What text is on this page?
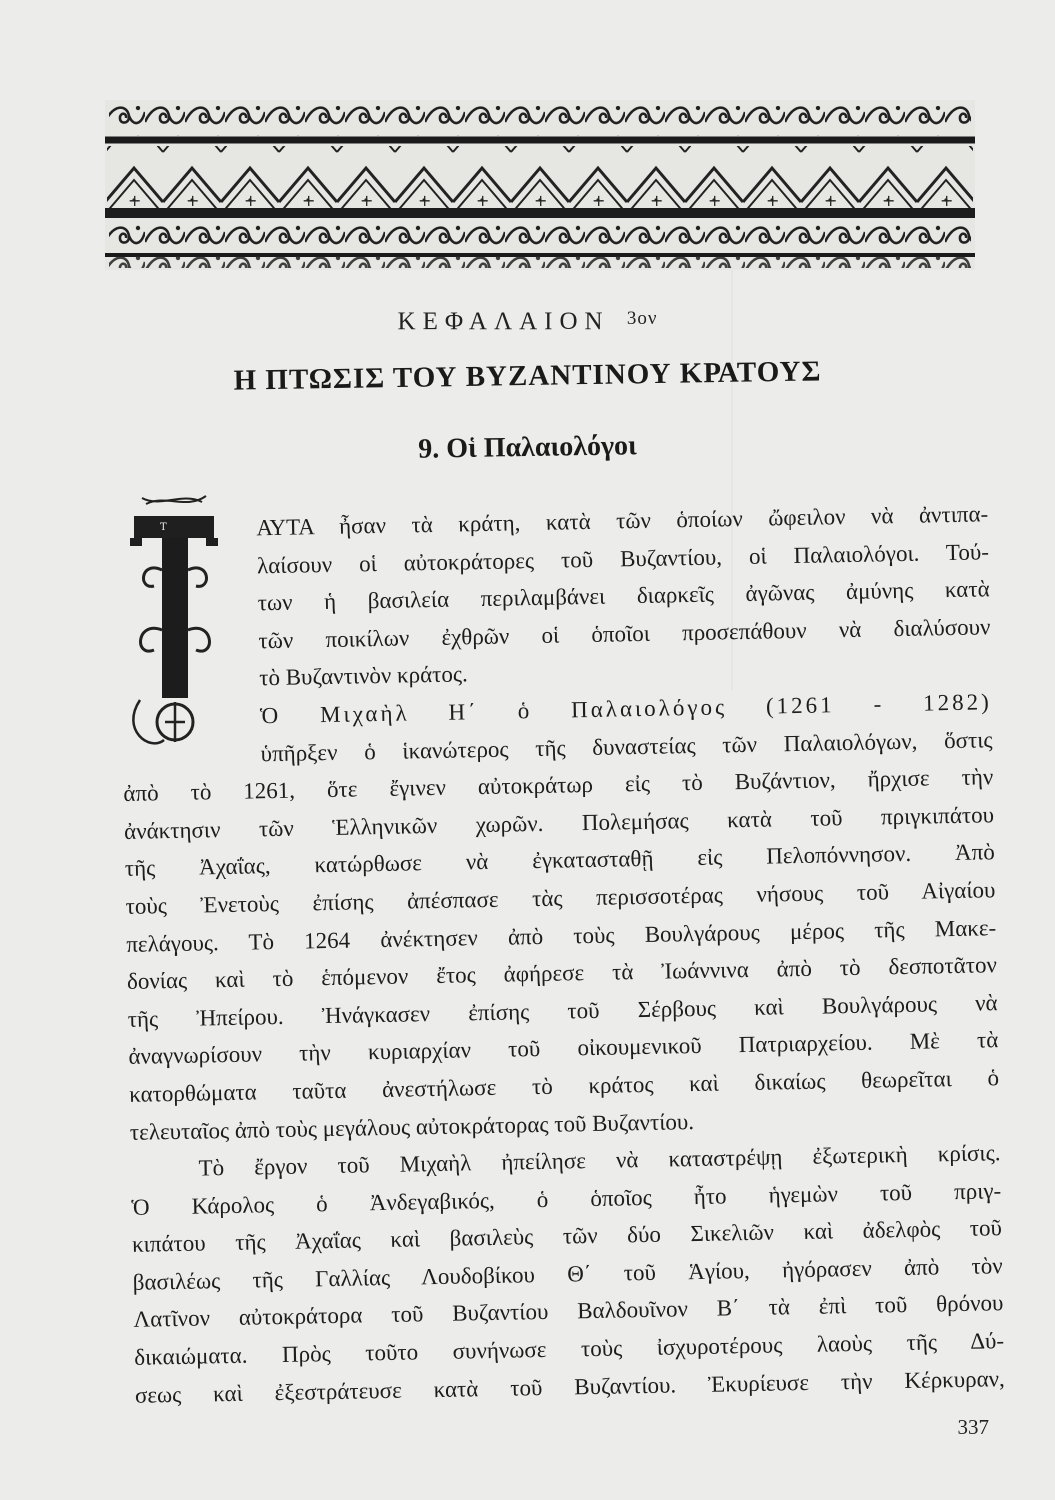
ΚΕΦΑΛΑΙΟΝ $^{3o\nu}$
Η ΠΤΩΣΙΣ ΤΟΥ ΒΥΖΑΝΤΙΝΟΥ ΚΡΑΤΟΥΣ
9. Οἱ Παλαιολόγοι
Τ	ΑΥΤΑ ἦσαν τὰ κράτη, κατὰ τῶν ὁποίων ὤφειλον νὰ ἀντιπα-

λαίσουν οἱ αὐτοκράτορες τοῦ Βυζαντίου, οἱ Παλαιολόγοι. Τού-

των ἡ βασιλεία περιλαμβάνει διαρκεῖς ἀγῶνας ἀμύνης κατὰ

τῶν ποικίλων ἐχθρῶν οἱ ὁποῖοι προσεπάθουν νὰ διαλύσουν

τὸ Βυζαντινὸν κράτος.

Ὁ Μιχαὴλ Η΄ ὁ Παλαιολόγος (1261 - 1282)

ὑπῆρξεν ὁ ἱκανώτερος τῆς δυναστείας τῶν Παλαιολόγων, ὅστις

ἀπὸ τὸ 1261, ὅτε ἔγινεν αὐτοκράτωρ εἰς τὸ Βυζάντιον, ἤρχισε τὴν

ἀνάκτησιν τῶν Ἑλληνικῶν χωρῶν. Πολεμήσας κατὰ τοῦ πριγκιπάτου

τῆς Ἀχαΐας, κατώρθωσε νὰ ἐγκατασταθῇ εἰς Πελοπόννησον. Ἀπὸ

τοὺς Ἐνετοὺς ἐπίσης ἀπέσπασε τὰς περισσοτέρας νήσους τοῦ Αἰγαίου

πελάγους. Τὸ 1264 ἀνέκτησεν ἀπὸ τοὺς Βουλγάρους μέρος τῆς Μακε-

δονίας καὶ τὸ ἑπόμενον ἔτος ἀφήρεσε τὰ Ἰωάννινα ἀπὸ τὸ δεσποτᾶτον

τῆς Ἠπείρου. Ἠνάγκασεν ἐπίσης τοῦ Σέρβους καὶ Βουλγάρους νὰ

ἀναγνωρίσουν τὴν κυριαρχίαν τοῦ οἰκουμενικοῦ Πατριαρχείου. Μὲ τὰ

κατορθώματα ταῦτα ἀνεστήλωσε τὸ κράτος καὶ δικαίως θεωρεῖται ὁ

τελευταῖος ἀπὸ τοὺς μεγάλους αὐτοκράτορας τοῦ Βυζαντίου.

Τὸ ἔργον τοῦ Μιχαὴλ ἠπείλησε νὰ καταστρέψῃ ἐξωτερικὴ κρίσις.

Ὁ Κάρολος ὁ Ἀνδεγαβικός, ὁ ὁποῖος ἦτο ἡγεμὼν τοῦ πριγ-

κιπάτου τῆς Ἀχαΐας καὶ βασιλεὺς τῶν δύο Σικελιῶν καὶ ἀδελφὸς τοῦ

βασιλέως τῆς Γαλλίας Λουδοβίκου Θ΄ τοῦ Ἁγίου, ἠγόρασεν ἀπὸ τὸν

Λατῖνον αὐτοκράτορα τοῦ Βυζαντίου Βαλδουῖνον Β΄ τὰ ἐπὶ τοῦ θρόνου

δικαιώματα. Πρὸς τοῦτο συνήνωσε τοὺς ἰσχυροτέρους λαοὺς τῆς Δύ-

σεως καὶ ἐξεστράτευσε κατὰ τοῦ Βυζαντίου. Ἐκυρίευσε τὴν Κέρκυραν,

337
